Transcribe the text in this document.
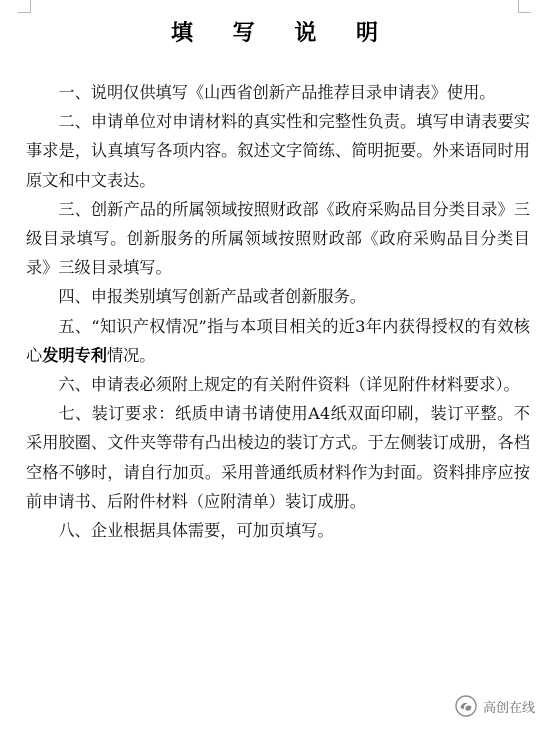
填 写 说 明

一、说明仅供填写《山西省创新产品推荐目录申请表》使用。

二、申请单位对申请材料的真实性和完整性负责。填写申请表要实事求是，认真填写各项内容。叙述文字简练、简明扼要。外来语同时用原文和中文表达。

三、创新产品的所属领域按照财政部《政府采购品目分类目录》三级目录填写。创新服务的所属领域按照财政部《政府采购品目分类目录》三级目录填写。

四、申报类别填写创新产品或者创新服务。

五、“知识产权情况”指与本项目相关的近3年内获得授权的有效核心发明专利情况。

六、申请表必须附上规定的有关附件资料（详见附件材料要求）。

七、装订要求：纸质申请书请使用A4纸双面印刷，装订平整。不采用胶圈、文件夹等带有凸出棱边的装订方式。于左侧装订成册，各档空格不够时，请自行加页。采用普通纸质材料作为封面。资料排序应按前申请书、后附件材料（应附清单）装订成册。

八、企业根据具体需要，可加页填写。

高创在线
